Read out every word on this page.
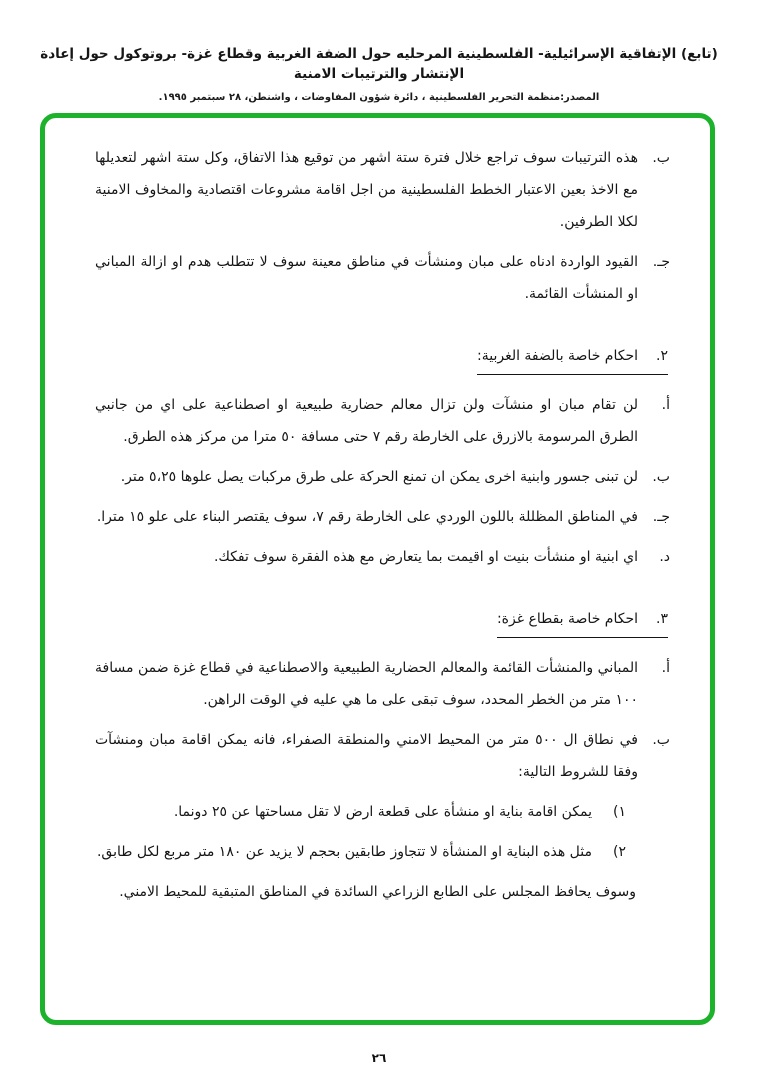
(تابع) الإتفاقية الإسرائيلية- الفلسطينية المرحليه حول الضفة الغربية وقطاع غزة- بروتوكول حول إعادة الإنتشار والترتيبات الامنية
المصدر:منظمة التحرير الفلسطينية ، دائرة شؤون المفاوضات ، واشنطن، ٢٨ سبتمبر ١٩٩٥.
ب.
هذه الترتيبات سوف تراجع خلال فترة ستة اشهر من توقيع هذا الاتفاق، وكل ستة اشهر لتعديلها مع الاخذ بعين الاعتبار الخطط الفلسطينية من اجل اقامة مشروعات اقتصادية والمخاوف الامنية لكلا الطرفين.
جـ.
القيود الواردة ادناه على مبان ومنشأت في مناطق معينة سوف لا تتطلب هدم او ازالة المباني او المنشأت القائمة.
٢.احكام خاصة بالضفة الغربية:
أ.
لن تقام مبان او منشآت ولن تزال معالم حضارية طبيعية او اصطناعية على اي من جانبي الطرق المرسومة بالازرق على الخارطة رقم ٧ حتى مسافة ٥٠ مترا من مركز هذه الطرق.
ب.
لن تبنى جسور وابنية اخرى يمكن ان تمنع الحركة على طرق مركبات يصل علوها ٥،٢٥ متر.
جـ.
في المناطق المظللة باللون الوردي على الخارطة رقم ٧، سوف يقتصر البناء على علو ١٥ مترا.
د.
اي ابنية او منشأت بنيت او اقيمت بما يتعارض مع هذه الفقرة سوف تفكك.
٣.احكام خاصة بقطاع غزة:
أ.
المباني والمنشأت القائمة والمعالم الحضارية الطبيعية والاصطناعية في قطاع غزة ضمن مسافة ١٠٠ متر من الخطر المحدد، سوف تبقى على ما هي عليه في الوقت الراهن.
ب.
في نطاق ال ٥٠٠ متر من المحيط الامني والمنطقة الصفراء، فانه يمكن اقامة مبان ومنشآت وفقا للشروط التالية:
١)
يمكن اقامة بناية او منشأة على قطعة ارض لا تقل مساحتها عن ٢٥ دونما.
٢)
مثل هذه البناية او المنشأة لا تتجاوز طابقين بحجم لا يزيد عن ١٨٠ متر مربع لكل طابق.
وسوف يحافظ المجلس على الطابع الزراعي السائدة في المناطق المتبقية للمحيط الامني.
٢٦
